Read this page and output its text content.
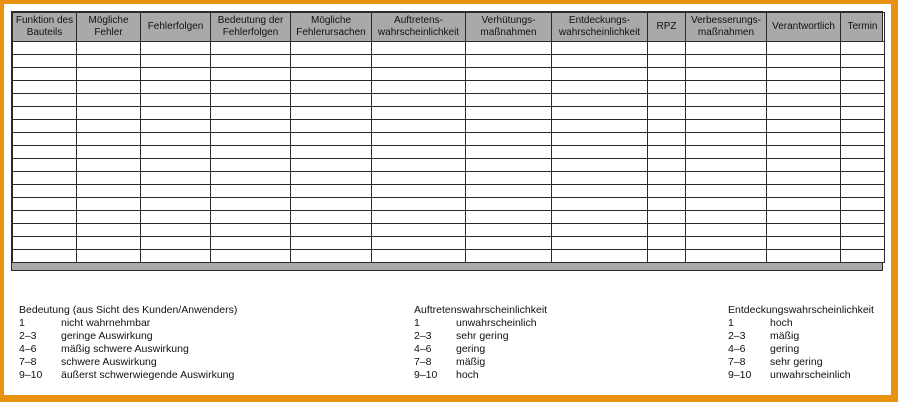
Funktion des Bauteils	Mögliche Fehler	Fehlerfolgen	Bedeutung der Fehlerfolgen	Mögliche Fehlerursachen	Auftretens-wahrscheinlichkeit	Verhütungs-maßnahmen	Entdeckungs-wahrscheinlichkeit	RPZ	Verbesserungs-maßnahmen	Verantwortlich	Termin

Bedeutung (aus Sicht des Kunden/Anwenders)
1	nicht wahrnehmbar
2–3	geringe Auswirkung
4–6	mäßig schwere Auswirkung
7–8	schwere Auswirkung
9–10	äußerst schwerwiegende Auswirkung
Auftretenswahrscheinlichkeit
1	unwahrscheinlich
2–3	sehr gering
4–6	gering
7–8	mäßig
9–10	hoch
Entdeckungswahrscheinlichkeit
1	hoch
2–3	mäßig
4–6	gering
7–8	sehr gering
9–10	unwahrscheinlich
